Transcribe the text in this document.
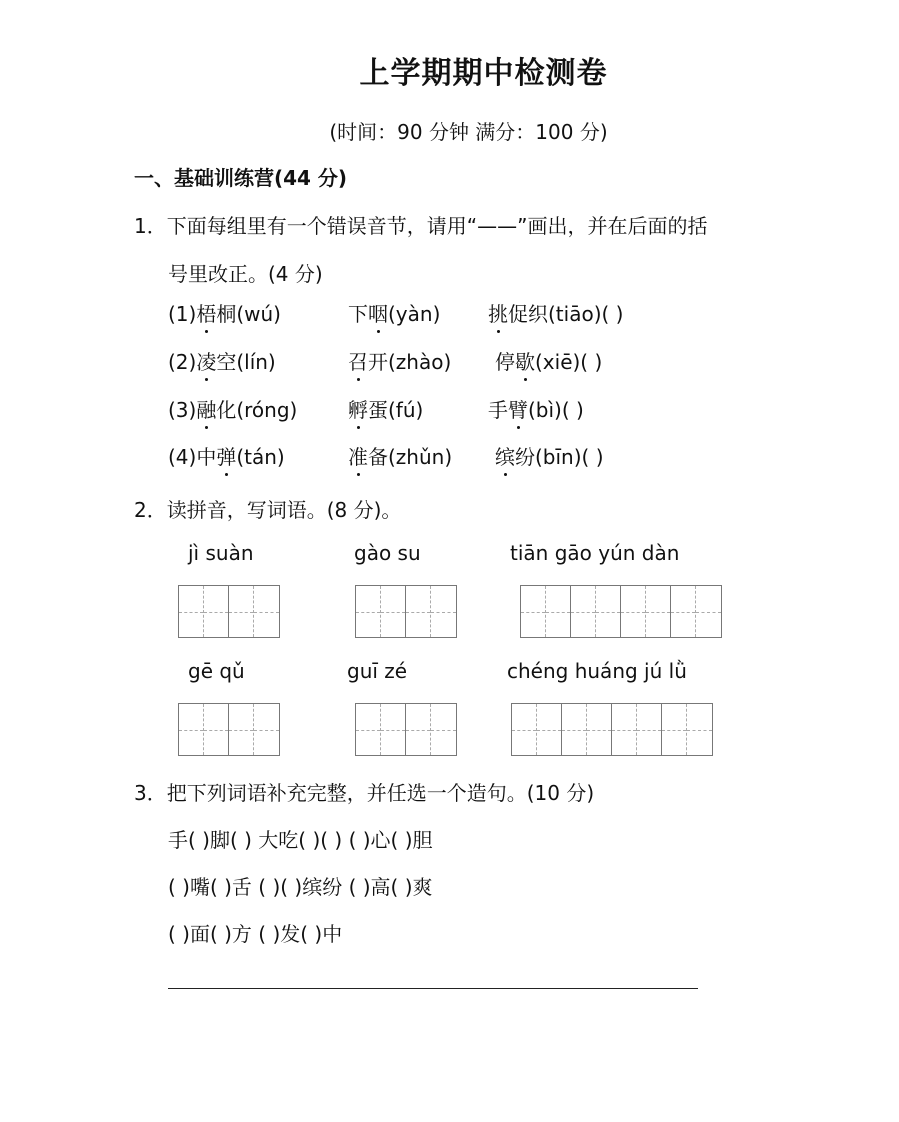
上学期期中检测卷
(时间：90 分钟 满分：100 分)
一、基础训练营(44 分)
1．下面每组里有一个错误音节，请用“——”画出，并在后面的括
号里改正。(4 分)
(1)梧桐(wú)	下咽(yàn) 挑促织(tiāo)( )
(2)凌空(lín)	召开(zhào) 停歇(xiē)( )
(3)融化(róng)	孵蛋(fú)	手臂(bì)( )
(4)中弹(tán)	准备(zhǔn) 缤纷(bīn)( )
2．读拼音，写词语。(8 分)。
jì suàn	gào su	tiān gāo yún dàn
gē qǔ	guī zé	chéng huáng jú lǜ
3．把下列词语补充完整，并任选一个造句。(10 分)
手( )脚( ) 大吃( )( ) ( )心( )胆
( )嘴( )舌 ( )( )缤纷 ( )高( )爽
( )面( )方 ( )发( )中
